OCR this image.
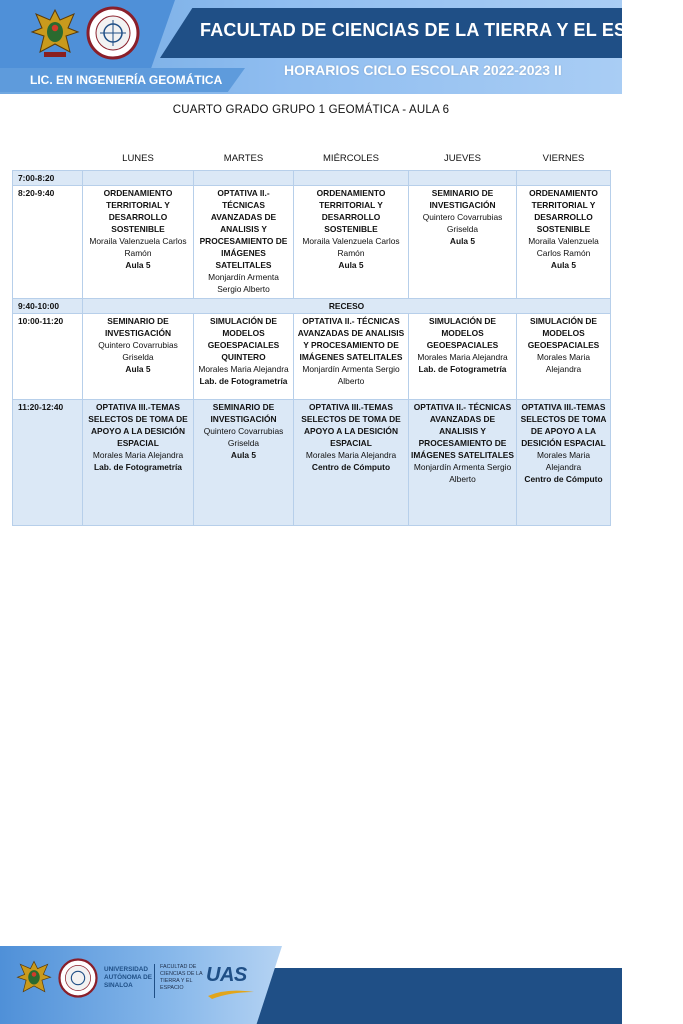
FACULTAD DE CIENCIAS DE LA TIERRA Y EL ESPACIO
LIC. EN INGENIERÍA GEOMÁTICA
HORARIOS CICLO ESCOLAR 2022-2023 II
CUARTO GRADO GRUPO 1 GEOMÁTICA - AULA 6
	LUNES	MARTES	MIÉRCOLES	JUEVES	VIERNES
7:00-8:20					
8:20-9:40	ORDENAMIENTO TERRITORIAL Y DESARROLLO SOSTENIBLE
Moraila Valenzuela Carlos Ramón
Aula 5	OPTATIVA II.- TÉCNICAS AVANZADAS DE ANALISIS Y PROCESAMIENTO DE IMÁGENES SATELITALES
Monjardín Armenta Sergio Alberto	ORDENAMIENTO TERRITORIAL Y DESARROLLO SOSTENIBLE
Moraila Valenzuela Carlos Ramón
Aula 5	SEMINARIO DE INVESTIGACIÓN
Quintero Covarrubias Griselda
Aula 5	ORDENAMIENTO TERRITORIAL Y DESARROLLO SOSTENIBLE
Moraila Valenzuela Carlos Ramón
Aula 5

9:40-10:00	RECESO				
10:00-11:20	SEMINARIO DE INVESTIGACIÓN
Quintero Covarrubias Griselda
Aula 5	SIMULACIÓN DE MODELOS GEOESPACIALES QUINTERO
Morales Maria Alejandra
Lab. de Fotogrametría	OPTATIVA II.- TÉCNICAS AVANZADAS DE ANALISIS Y PROCESAMIENTO DE IMÁGENES SATELITALES
Monjardín Armenta Sergio Alberto	SIMULACIÓN DE MODELOS GEOESPACIALES
Morales Maria Alejandra
Lab. de Fotogrametría	SIMULACIÓN DE MODELOS GEOESPACIALES
Morales Maria Alejandra

11:20-12:40	OPTATIVA III.-TEMAS SELECTOS DE TOMA DE APOYO A LA DESICIÓN ESPACIAL
Morales Maria Alejandra
Lab. de Fotogrametría	SEMINARIO DE INVESTIGACIÓN
Quintero Covarrubias Griselda
Aula 5	OPTATIVA III.-TEMAS SELECTOS DE TOMA DE APOYO A LA DESICIÓN ESPACIAL
Morales Maria Alejandra
Centro de Cómputo	OPTATIVA II.- TÉCNICAS AVANZADAS DE ANALISIS Y PROCESAMIENTO DE IMÁGENES SATELITALES
Monjardín Armenta Sergio Alberto	OPTATIVA III.-TEMAS SELECTOS DE TOMA DE APOYO A LA DESICIÓN ESPACIAL
Morales Maria Alejandra
Centro de Cómputo
UNIVERSIDAD AUTÓNOMA DE SINALOA
FACULTAD DE CIENCIAS DE LA TIERRA Y EL ESPACIO
UAS
